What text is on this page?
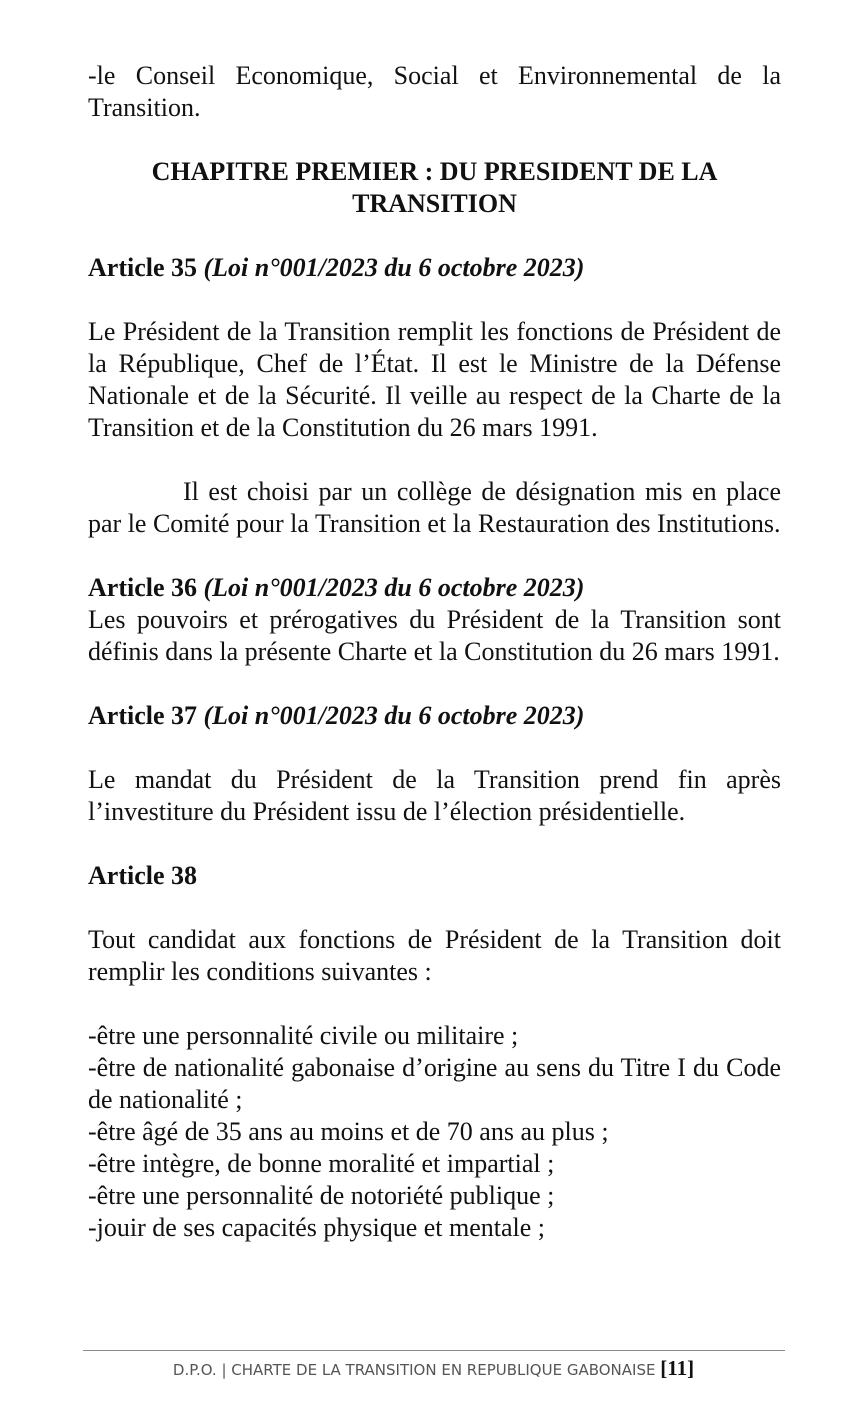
-le Conseil Economique, Social et Environnemental de la Transition.

CHAPITRE PREMIER : DU PRESIDENT DE LA TRANSITION

Article 35 (Loi n°001/2023 du 6 octobre 2023)

Le Président de la Transition remplit les fonctions de Président de la République, Chef de l’État. Il est le Ministre de la Défense Nationale et de la Sécurité. Il veille au respect de la Charte de la Transition et de la Constitution du 26 mars 1991.

Il est choisi par un collège de désignation mis en place par le Comité pour la Transition et la Restauration des Institutions.

Article 36 (Loi n°001/2023 du 6 octobre 2023)

Les pouvoirs et prérogatives du Président de la Transition sont définis dans la présente Charte et la Constitution du 26 mars 1991.

Article 37 (Loi n°001/2023 du 6 octobre 2023)

Le mandat du Président de la Transition prend fin après l’investiture du Président issu de l’élection présidentielle.

Article 38

Tout candidat aux fonctions de Président de la Transition doit remplir les conditions suivantes :

-être une personnalité civile ou militaire ;

-être de nationalité gabonaise d’origine au sens du Titre I du Code de nationalité ;

-être âgé de 35 ans au moins et de 70 ans au plus ;

-être intègre, de bonne moralité et impartial ;

-être une personnalité de notoriété publique ;

-jouir de ses capacités physique et mentale ;

D.P.O. | CHARTE DE LA TRANSITION EN REPUBLIQUE GABONAISE [11]
